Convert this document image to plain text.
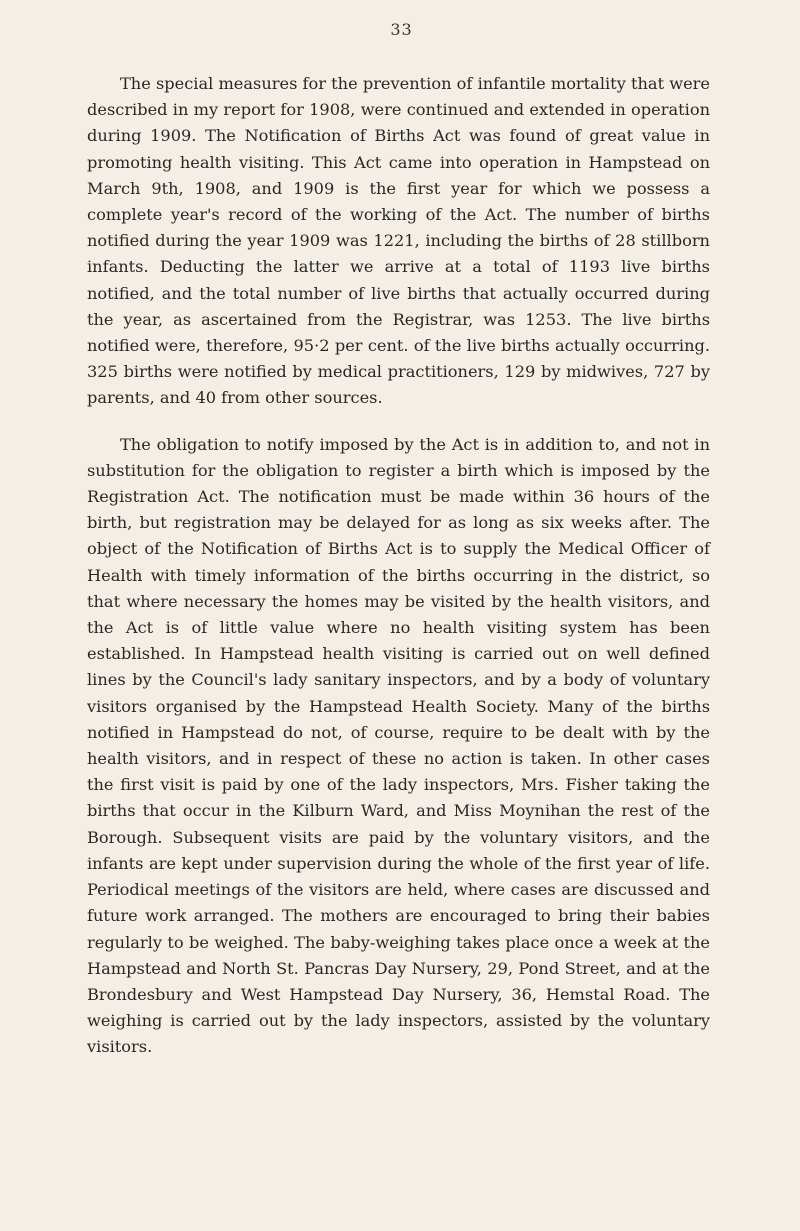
33

The special measures for the prevention of infantile mortality that were described in my report for 1908, were continued and extended in operation during 1909. The Notification of Births Act was found of great value in promoting health visiting. This Act came into operation in Hampstead on March 9th, 1908, and 1909 is the first year for which we possess a complete year's record of the working of the Act. The number of births notified during the year 1909 was 1221, including the births of 28 stillborn infants. Deducting the latter we arrive at a total of 1193 live births notified, and the total number of live births that actually occurred during the year, as ascertained from the Registrar, was 1253. The live births notified were, therefore, 95·2 per cent. of the live births actually occurring. 325 births were notified by medical practitioners, 129 by midwives, 727 by parents, and 40 from other sources.

The obligation to notify imposed by the Act is in addition to, and not in substitution for the obligation to register a birth which is imposed by the Registration Act. The notification must be made within 36 hours of the birth, but registration may be delayed for as long as six weeks after. The object of the Notification of Births Act is to supply the Medical Officer of Health with timely information of the births occurring in the district, so that where necessary the homes may be visited by the health visitors, and the Act is of little value where no health visiting system has been established. In Hampstead health visiting is carried out on well defined lines by the Council's lady sanitary inspectors, and by a body of voluntary visitors organised by the Hampstead Health Society. Many of the births notified in Hampstead do not, of course, require to be dealt with by the health visitors, and in respect of these no action is taken. In other cases the first visit is paid by one of the lady inspectors, Mrs. Fisher taking the births that occur in the Kilburn Ward, and Miss Moynihan the rest of the Borough. Subsequent visits are paid by the voluntary visitors, and the infants are kept under supervision during the whole of the first year of life. Periodical meetings of the visitors are held, where cases are discussed and future work arranged. The mothers are encouraged to bring their babies regularly to be weighed. The baby-weighing takes place once a week at the Hampstead and North St. Pancras Day Nursery, 29, Pond Street, and at the Brondesbury and West Hampstead Day Nursery, 36, Hemstal Road. The weighing is carried out by the lady inspectors, assisted by the voluntary visitors.
